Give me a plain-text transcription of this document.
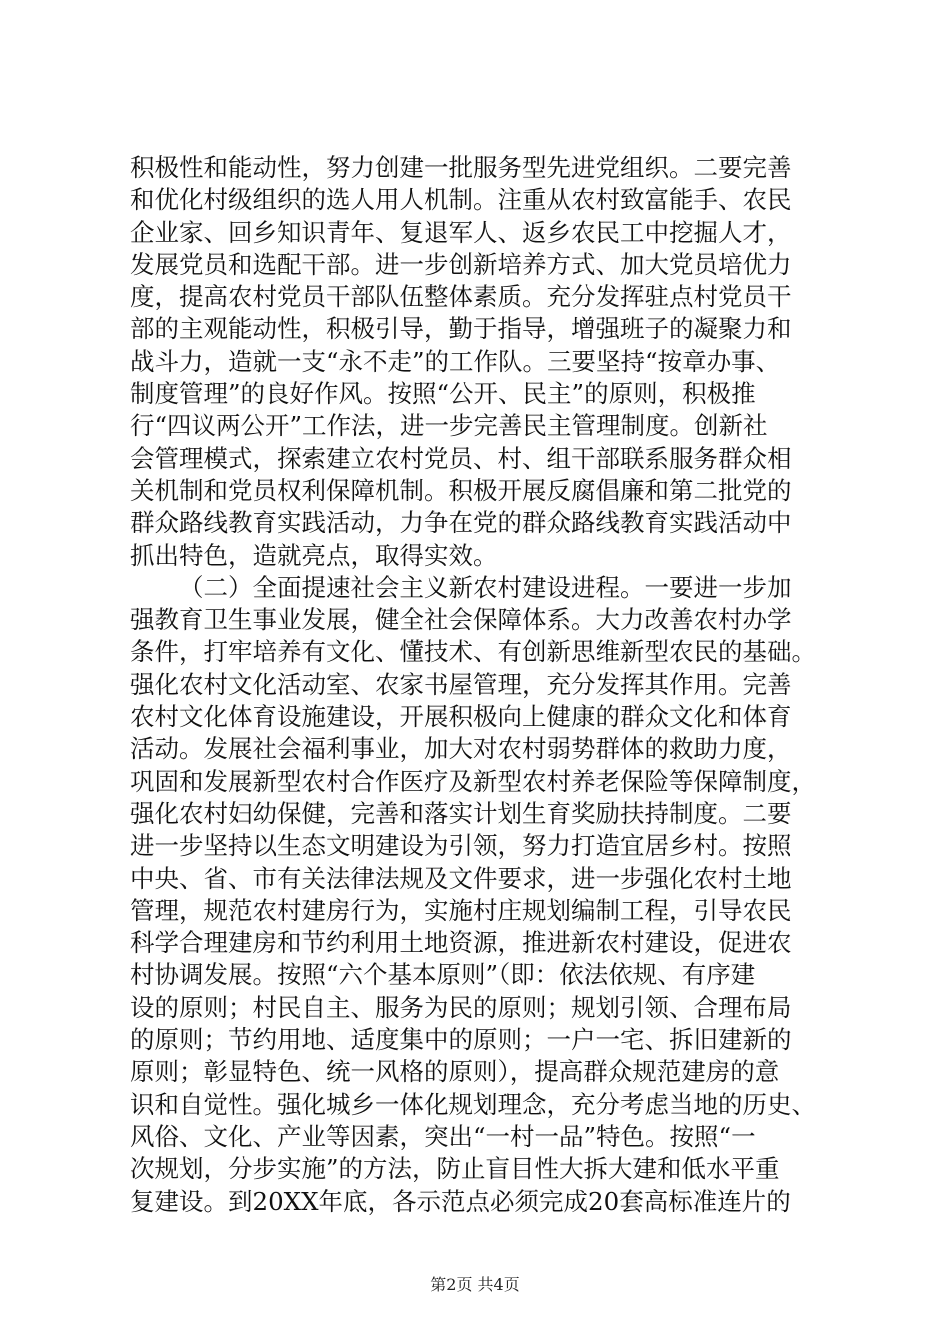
积极性和能动性，努力创建一批服务型先进党组织。二要完善
和优化村级组织的选人用人机制。注重从农村致富能手、农民
企业家、回乡知识青年、复退军人、返乡农民工中挖掘人才，
发展党员和选配干部。进一步创新培养方式、加大党员培优力
度，提高农村党员干部队伍整体素质。充分发挥驻点村党员干
部的主观能动性，积极引导，勤于指导，增强班子的凝聚力和
战斗力，造就一支“永不走”的工作队。三要坚持“按章办事、
制度管理”的良好作风。按照“公开、民主”的原则，积极推
行“四议两公开”工作法，进一步完善民主管理制度。创新社
会管理模式，探索建立农村党员、村、组干部联系服务群众相
关机制和党员权利保障机制。积极开展反腐倡廉和第二批党的
群众路线教育实践活动，力争在党的群众路线教育实践活动中
抓出特色，造就亮点，取得实效。
（二）全面提速社会主义新农村建设进程。一要进一步加
强教育卫生事业发展，健全社会保障体系。大力改善农村办学
条件，打牢培养有文化、懂技术、有创新思维新型农民的基础。
强化农村文化活动室、农家书屋管理，充分发挥其作用。完善
农村文化体育设施建设，开展积极向上健康的群众文化和体育
活动。发展社会福利事业，加大对农村弱势群体的救助力度，
巩固和发展新型农村合作医疗及新型农村养老保险等保障制度，
强化农村妇幼保健，完善和落实计划生育奖励扶持制度。二要
进一步坚持以生态文明建设为引领，努力打造宜居乡村。按照
中央、省、市有关法律法规及文件要求，进一步强化农村土地
管理，规范农村建房行为，实施村庄规划编制工程，引导农民
科学合理建房和节约利用土地资源，推进新农村建设，促进农
村协调发展。按照“六个基本原则”（即：依法依规、有序建
设的原则；村民自主、服务为民的原则；规划引领、合理布局
的原则；节约用地、适度集中的原则；一户一宅、拆旧建新的
原则；彰显特色、统一风格的原则），提高群众规范建房的意
识和自觉性。强化城乡一体化规划理念，充分考虑当地的历史、
风俗、文化、产业等因素，突出“一村一品”特色。按照“一
次规划，分步实施”的方法，防止盲目性大拆大建和低水平重
复建设。到20XX年底，各示范点必须完成20套高标准连片的
第2页 共4页
